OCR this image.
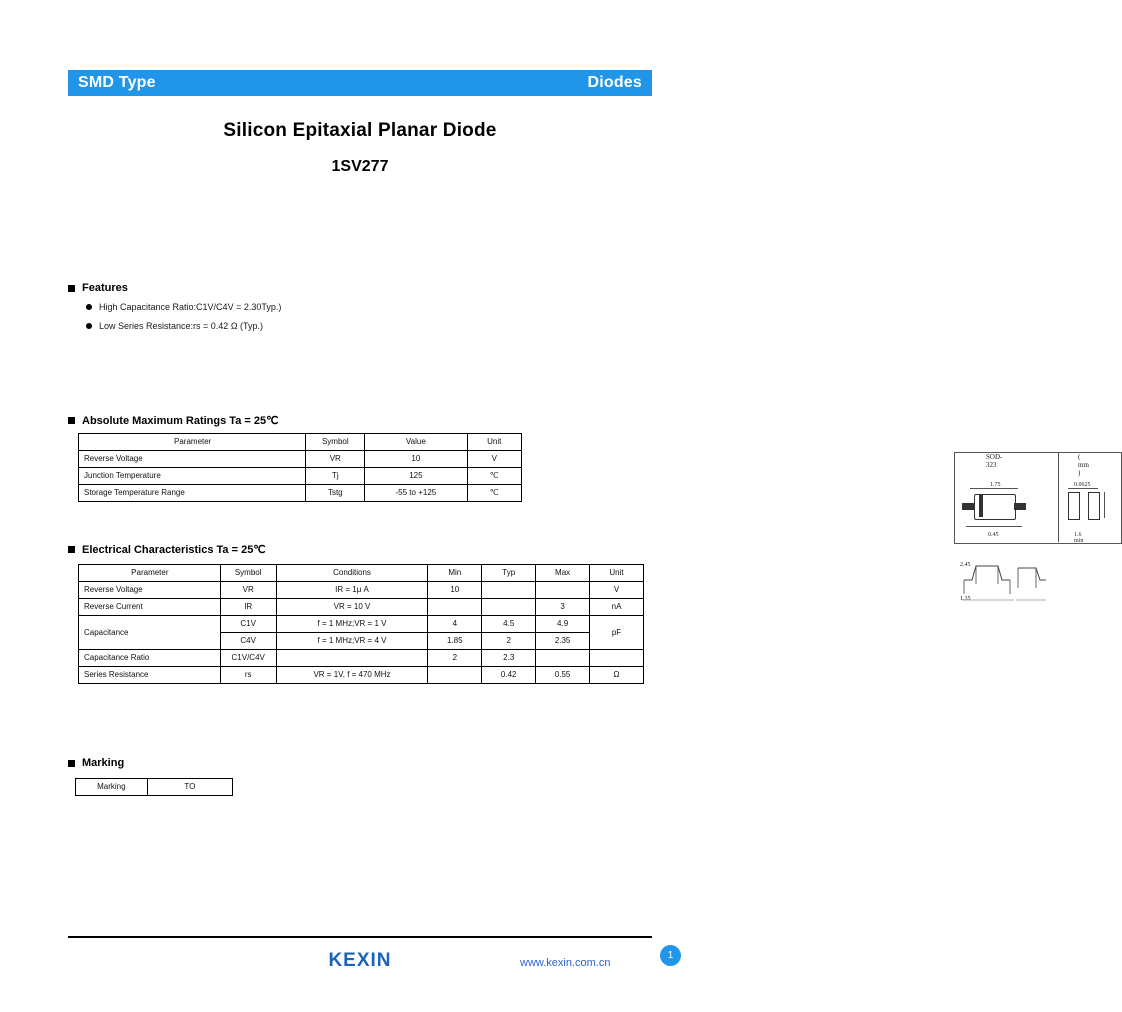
SMD Type	Diodes
Silicon Epitaxial Planar Diode
1SV277
Features
High Capacitance Ratio:C1V/C4V = 2.30Typ.)
Low Series Resistance:rs = 0.42 Ω (Typ.)
SOD-323
( mm )
1.75
0.45
0.0625
1.6 min
2.45
1.35
Absolute Maximum Ratings Ta = 25℃
Parameter	Symbol	Value	Unit
Reverse Voltage	VR	10	V
Junction Temperature	Tj	125	℃
Storage Temperature Range	Tstg	-55 to +125	℃
Electrical Characteristics Ta = 25℃
Parameter	Symbol	Conditions	Min	Typ	Max	Unit
Reverse Voltage	VR	IR = 1μ A	10			V
Reverse Current	IR	VR = 10 V			3	nA
Capacitance	C1V	f = 1 MHz;VR = 1 V	4	4.5	4.9	pF
	C4V	f = 1 MHz;VR = 4 V	1.85	2	2.35	
Capacitance Ratio	C1V/C4V		2	2.3		
Series Resistance	rs	VR = 1V, f = 470 MHz		0.42	0.55	Ω
Marking
Marking	TO
KEXIN	www.kexin.com.cn
1
